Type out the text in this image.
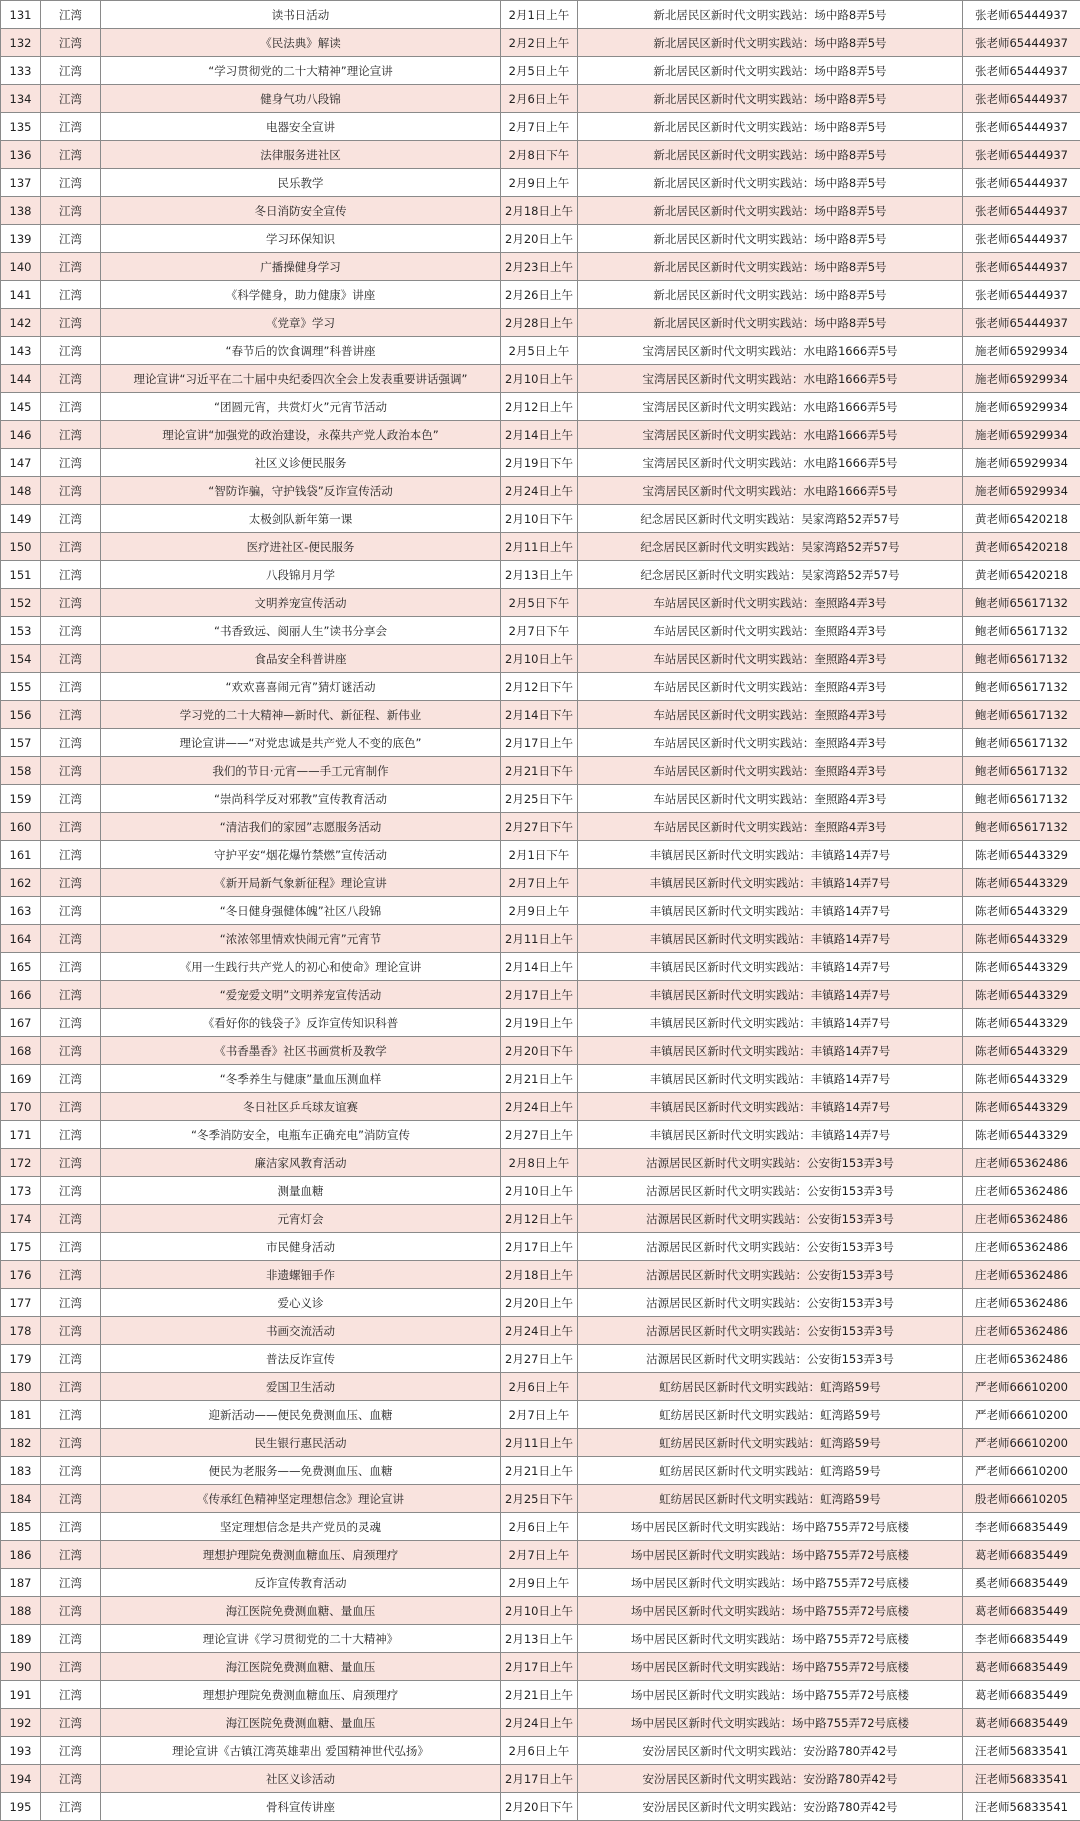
131	江湾	读书日活动	2月1日上午	新北居民区新时代文明实践站：场中路8弄5号	张老师65444937
132	江湾	《民法典》解读	2月2日上午	新北居民区新时代文明实践站：场中路8弄5号	张老师65444937
133	江湾	“学习贯彻党的二十大精神”理论宣讲	2月5日上午	新北居民区新时代文明实践站：场中路8弄5号	张老师65444937
134	江湾	健身气功八段锦	2月6日上午	新北居民区新时代文明实践站：场中路8弄5号	张老师65444937
135	江湾	电器安全宣讲	2月7日上午	新北居民区新时代文明实践站：场中路8弄5号	张老师65444937
136	江湾	法律服务进社区	2月8日下午	新北居民区新时代文明实践站：场中路8弄5号	张老师65444937
137	江湾	民乐教学	2月9日上午	新北居民区新时代文明实践站：场中路8弄5号	张老师65444937
138	江湾	冬日消防安全宣传	2月18日上午	新北居民区新时代文明实践站：场中路8弄5号	张老师65444937
139	江湾	学习环保知识	2月20日上午	新北居民区新时代文明实践站：场中路8弄5号	张老师65444937
140	江湾	广播操健身学习	2月23日上午	新北居民区新时代文明实践站：场中路8弄5号	张老师65444937
141	江湾	《科学健身，助力健康》讲座	2月26日上午	新北居民区新时代文明实践站：场中路8弄5号	张老师65444937
142	江湾	《党章》学习	2月28日上午	新北居民区新时代文明实践站：场中路8弄5号	张老师65444937
143	江湾	“春节后的饮食调理”科普讲座	2月5日上午	宝湾居民区新时代文明实践站：水电路1666弄5号	施老师65929934
144	江湾	理论宣讲“习近平在二十届中央纪委四次全会上发表重要讲话强调”	2月10日上午	宝湾居民区新时代文明实践站：水电路1666弄5号	施老师65929934
145	江湾	“团圆元宵，共赏灯火”元宵节活动	2月12日上午	宝湾居民区新时代文明实践站：水电路1666弄5号	施老师65929934
146	江湾	理论宣讲“加强党的政治建设，永葆共产党人政治本色”	2月14日上午	宝湾居民区新时代文明实践站：水电路1666弄5号	施老师65929934
147	江湾	社区义诊便民服务	2月19日下午	宝湾居民区新时代文明实践站：水电路1666弄5号	施老师65929934
148	江湾	“智防诈骗，守护钱袋”反诈宣传活动	2月24日上午	宝湾居民区新时代文明实践站：水电路1666弄5号	施老师65929934
149	江湾	太极剑队新年第一课	2月10日下午	纪念居民区新时代文明实践站：吴家湾路52弄57号	黄老师65420218
150	江湾	医疗进社区-便民服务	2月11日上午	纪念居民区新时代文明实践站：吴家湾路52弄57号	黄老师65420218
151	江湾	八段锦月月学	2月13日上午	纪念居民区新时代文明实践站：吴家湾路52弄57号	黄老师65420218
152	江湾	文明养宠宣传活动	2月5日下午	车站居民区新时代文明实践站：奎照路4弄3号	鲍老师65617132
153	江湾	“书香致远、阅丽人生”读书分享会	2月7日下午	车站居民区新时代文明实践站：奎照路4弄3号	鲍老师65617132
154	江湾	食品安全科普讲座	2月10日上午	车站居民区新时代文明实践站：奎照路4弄3号	鲍老师65617132
155	江湾	“欢欢喜喜闹元宵”猜灯谜活动	2月12日下午	车站居民区新时代文明实践站：奎照路4弄3号	鲍老师65617132
156	江湾	学习党的二十大精神—新时代、新征程、新伟业	2月14日下午	车站居民区新时代文明实践站：奎照路4弄3号	鲍老师65617132
157	江湾	理论宣讲——“对党忠诚是共产党人不变的底色”	2月17日上午	车站居民区新时代文明实践站：奎照路4弄3号	鲍老师65617132
158	江湾	我们的节日·元宵——手工元宵制作	2月21日下午	车站居民区新时代文明实践站：奎照路4弄3号	鲍老师65617132
159	江湾	“崇尚科学反对邪教”宣传教育活动	2月25日下午	车站居民区新时代文明实践站：奎照路4弄3号	鲍老师65617132
160	江湾	“清洁我们的家园”志愿服务活动	2月27日下午	车站居民区新时代文明实践站：奎照路4弄3号	鲍老师65617132
161	江湾	守护平安“烟花爆竹禁燃”宣传活动	2月1日下午	丰镇居民区新时代文明实践站：丰镇路14弄7号	陈老师65443329
162	江湾	《新开局新气象新征程》理论宣讲	2月7日上午	丰镇居民区新时代文明实践站：丰镇路14弄7号	陈老师65443329
163	江湾	“冬日健身强健体魄”社区八段锦	2月9日上午	丰镇居民区新时代文明实践站：丰镇路14弄7号	陈老师65443329
164	江湾	“浓浓邻里情欢快闹元宵”元宵节	2月11日上午	丰镇居民区新时代文明实践站：丰镇路14弄7号	陈老师65443329
165	江湾	《用一生践行共产党人的初心和使命》理论宣讲	2月14日上午	丰镇居民区新时代文明实践站：丰镇路14弄7号	陈老师65443329
166	江湾	“爱宠爱文明”文明养宠宣传活动	2月17日上午	丰镇居民区新时代文明实践站：丰镇路14弄7号	陈老师65443329
167	江湾	《看好你的钱袋子》反诈宣传知识科普	2月19日上午	丰镇居民区新时代文明实践站：丰镇路14弄7号	陈老师65443329
168	江湾	《书香墨香》社区书画赏析及教学	2月20日下午	丰镇居民区新时代文明实践站：丰镇路14弄7号	陈老师65443329
169	江湾	“冬季养生与健康”量血压测血样	2月21日上午	丰镇居民区新时代文明实践站：丰镇路14弄7号	陈老师65443329
170	江湾	冬日社区乒乓球友谊赛	2月24日上午	丰镇居民区新时代文明实践站：丰镇路14弄7号	陈老师65443329
171	江湾	“冬季消防安全，电瓶车正确充电”消防宣传	2月27日上午	丰镇居民区新时代文明实践站：丰镇路14弄7号	陈老师65443329
172	江湾	廉洁家风教育活动	2月8日上午	沽源居民区新时代文明实践站：公安街153弄3号	庄老师65362486
173	江湾	测量血糖	2月10日上午	沽源居民区新时代文明实践站：公安街153弄3号	庄老师65362486
174	江湾	元宵灯会	2月12日上午	沽源居民区新时代文明实践站：公安街153弄3号	庄老师65362486
175	江湾	市民健身活动	2月17日上午	沽源居民区新时代文明实践站：公安街153弄3号	庄老师65362486
176	江湾	非遗螺钿手作	2月18日上午	沽源居民区新时代文明实践站：公安街153弄3号	庄老师65362486
177	江湾	爱心义诊	2月20日上午	沽源居民区新时代文明实践站：公安街153弄3号	庄老师65362486
178	江湾	书画交流活动	2月24日上午	沽源居民区新时代文明实践站：公安街153弄3号	庄老师65362486
179	江湾	普法反诈宣传	2月27日上午	沽源居民区新时代文明实践站：公安街153弄3号	庄老师65362486
180	江湾	爱国卫生活动	2月6日上午	虹纺居民区新时代文明实践站：虹湾路59号	严老师66610200
181	江湾	迎新活动——便民免费测血压、血糖	2月7日上午	虹纺居民区新时代文明实践站：虹湾路59号	严老师66610200
182	江湾	民生银行惠民活动	2月11日上午	虹纺居民区新时代文明实践站：虹湾路59号	严老师66610200
183	江湾	便民为老服务——免费测血压、血糖	2月21日上午	虹纺居民区新时代文明实践站：虹湾路59号	严老师66610200
184	江湾	《传承红色精神坚定理想信念》理论宣讲	2月25日下午	虹纺居民区新时代文明实践站：虹湾路59号	殷老师66610205
185	江湾	坚定理想信念是共产党员的灵魂	2月6日上午	场中居民区新时代文明实践站：场中路755弄72号底楼	李老师66835449
186	江湾	理想护理院免费测血糖血压、肩颈理疗	2月7日上午	场中居民区新时代文明实践站：场中路755弄72号底楼	葛老师66835449
187	江湾	反诈宣传教育活动	2月9日上午	场中居民区新时代文明实践站：场中路755弄72号底楼	奚老师66835449
188	江湾	海江医院免费测血糖、量血压	2月10日上午	场中居民区新时代文明实践站：场中路755弄72号底楼	葛老师66835449
189	江湾	理论宣讲《学习贯彻党的二十大精神》	2月13日上午	场中居民区新时代文明实践站：场中路755弄72号底楼	李老师66835449
190	江湾	海江医院免费测血糖、量血压	2月17日上午	场中居民区新时代文明实践站：场中路755弄72号底楼	葛老师66835449
191	江湾	理想护理院免费测血糖血压、肩颈理疗	2月21日上午	场中居民区新时代文明实践站：场中路755弄72号底楼	葛老师66835449
192	江湾	海江医院免费测血糖、量血压	2月24日上午	场中居民区新时代文明实践站：场中路755弄72号底楼	葛老师66835449
193	江湾	理论宣讲《古镇江湾英雄辈出 爱国精神世代弘扬》	2月6日上午	安汾居民区新时代文明实践站：安汾路780弄42号	汪老师56833541
194	江湾	社区义诊活动	2月17日上午	安汾居民区新时代文明实践站：安汾路780弄42号	汪老师56833541
195	江湾	骨科宣传讲座	2月20日下午	安汾居民区新时代文明实践站：安汾路780弄42号	汪老师56833541
